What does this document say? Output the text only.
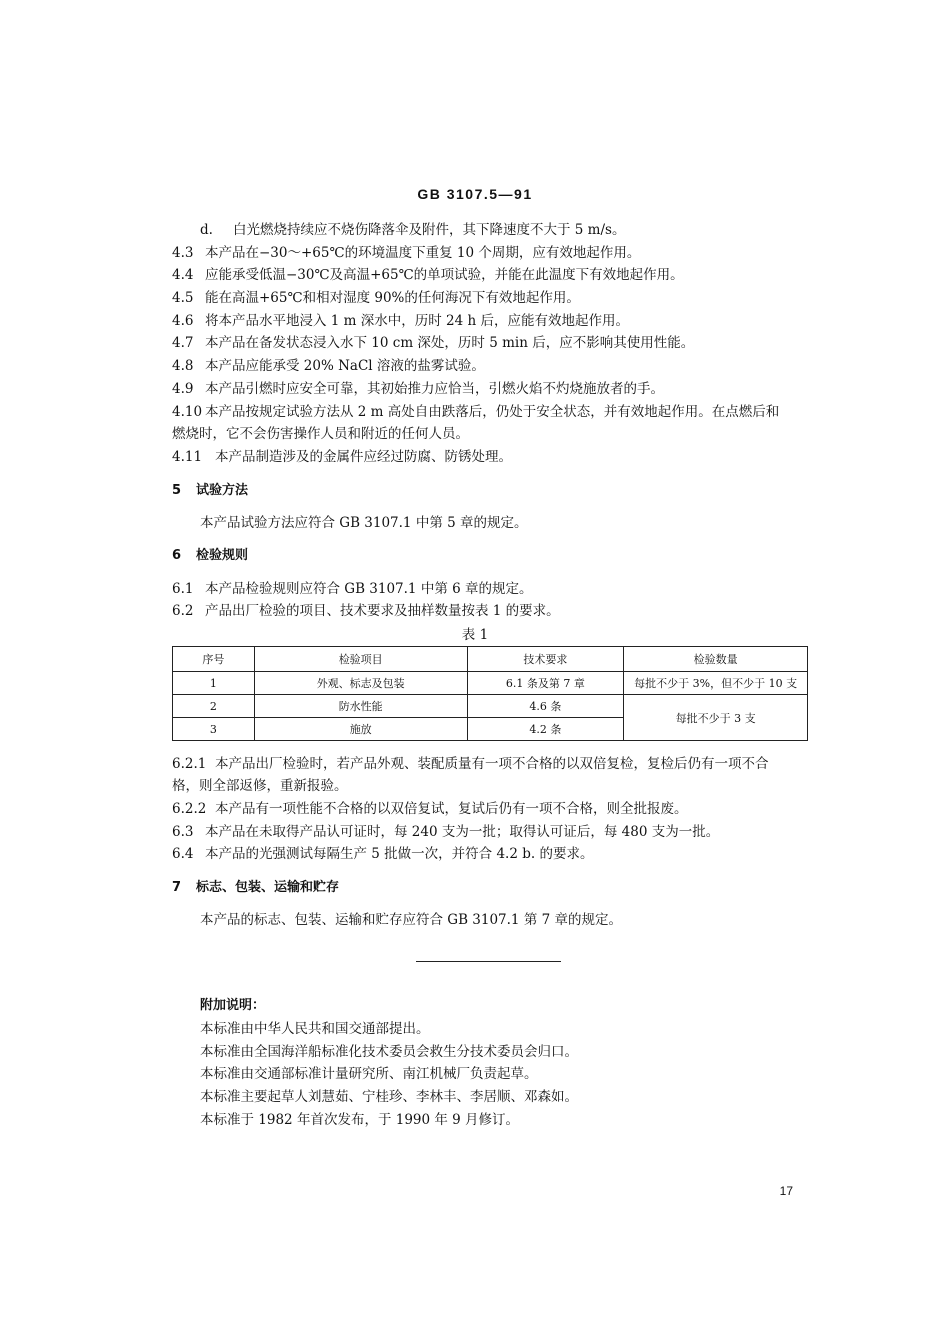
GB 3107.5—91
d. 白光燃烧持续应不烧伤降落伞及附件，其下降速度不大于 5 m/s。
4.3 本产品在−30～+65℃的环境温度下重复 10 个周期，应有效地起作用。
4.4 应能承受低温−30℃及高温+65℃的单项试验，并能在此温度下有效地起作用。
4.5 能在高温+65℃和相对湿度 90%的任何海况下有效地起作用。
4.6 将本产品水平地浸入 1 m 深水中，历时 24 h 后，应能有效地起作用。
4.7 本产品在备发状态浸入水下 10 cm 深处，历时 5 min 后，应不影响其使用性能。
4.8 本产品应能承受 20% NaCl 溶液的盐雾试验。
4.9 本产品引燃时应安全可靠，其初始推力应恰当，引燃火焰不灼烧施放者的手。
4.10 本产品按规定试验方法从 2 m 高处自由跌落后，仍处于安全状态，并有效地起作用。在点燃后和
燃烧时，它不会伤害操作人员和附近的任何人员。
4.11 本产品制造涉及的金属件应经过防腐、防锈处理。
5 试验方法
本产品试验方法应符合 GB 3107.1 中第 5 章的规定。
6 检验规则
6.1 本产品检验规则应符合 GB 3107.1 中第 6 章的规定。
6.2 产品出厂检验的项目、技术要求及抽样数量按表 1 的要求。
表 1
序号	检验项目	技术要求	检验数量
1	外观、标志及包装	6.1 条及第 7 章	每批不少于 3%，但不少于 10 支
2	防水性能	4.6 条	每批不少于 3 支
3	施放	4.2 条	
6.2.1 本产品出厂检验时，若产品外观、装配质量有一项不合格的以双倍复检，复检后仍有一项不合
格，则全部返修，重新报验。
6.2.2 本产品有一项性能不合格的以双倍复试，复试后仍有一项不合格，则全批报废。
6.3 本产品在未取得产品认可证时，每 240 支为一批；取得认可证后，每 480 支为一批。
6.4 本产品的光强测试每隔生产 5 批做一次，并符合 4.2 b. 的要求。
7 标志、包装、运输和贮存
本产品的标志、包装、运输和贮存应符合 GB 3107.1 第 7 章的规定。
附加说明：
本标准由中华人民共和国交通部提出。
本标准由全国海洋船标准化技术委员会救生分技术委员会归口。
本标准由交通部标准计量研究所、南江机械厂负责起草。
本标准主要起草人刘慧茹、宁桂珍、李林丰、李居顺、邓森如。
本标准于 1982 年首次发布，于 1990 年 9 月修订。
17
